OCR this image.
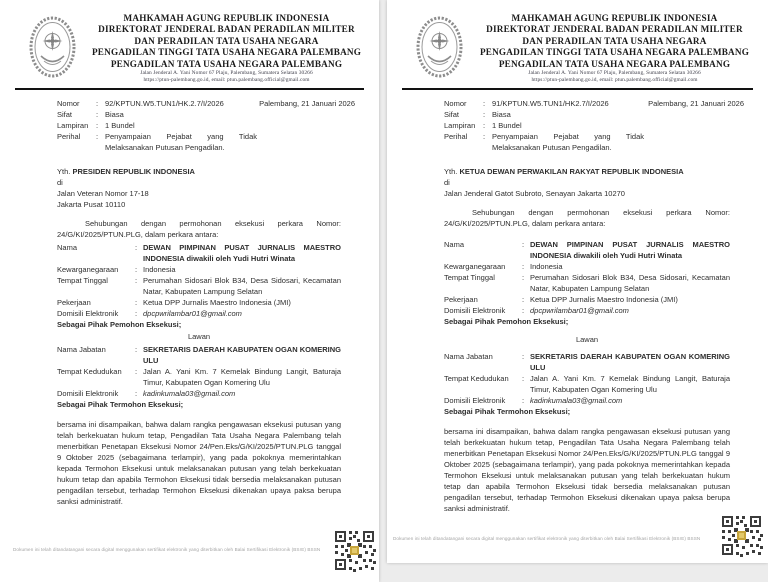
MAHKAMAH AGUNG REPUBLIK INDONESIA
DIREKTORAT JENDERAL BADAN PERADILAN MILITER
DAN PERADILAN TATA USAHA NEGARA
PENGADILAN TINGGI TATA USAHA NEGARA PALEMBANG
PENGADILAN TATA USAHA NEGARA PALEMBANG
Jalan Jenderal A. Yani Nomor 67 Plaju, Palembang, Sumatera Selatan 30266
https://ptun-palembang.go.id, email: ptun.palembang.official@gmail.com
Palembang, 21 Januari 2026
Nomor	: 92/KPTUN.W5.TUN1/HK.2.7/I/2026
Sifat	: Biasa
Lampiran	: 1 Bundel
Perihal	: Penyampaian Pejabat yang Tidak Melaksanakan Putusan Pengadilan.
Yth. PRESIDEN REPUBLIK INDONESIA
di
Jalan Veteran Nomor 17-18
Jakarta Pusat 10110

Sehubungan dengan permohonan eksekusi perkara Nomor: 24/G/KI/2025/PTUN.PLG, dalam perkara antara:

Nama	: DEWAN PIMPINAN PUSAT JURNALIS MAESTRO INDONESIA diwakili oleh Yudi Hutri Winata
Kewarganegaraan	: Indonesia
Tempat Tinggal	: Perumahan Sidosari Blok B34, Desa Sidosari, Kecamatan Natar, Kabupaten Lampung Selatan
Pekerjaan	: Ketua DPP Jurnalis Maestro Indonesia (JMI)
Domisili Elektronik	: dpcpwrilambar01@gmail.com
Sebagai Pihak Pemohon Eksekusi;
Lawan
Nama Jabatan	: SEKRETARIS DAERAH KABUPATEN OGAN KOMERING ULU
Tempat Kedudukan	: Jalan A. Yani Km. 7 Kemelak Bindung Langit, Baturaja Timur, Kabupaten Ogan Komering Ulu
Domisili Elektronik	: kadinkumala03@gmail.com
Sebagai Pihak Termohon Eksekusi;

bersama ini disampaikan, bahwa dalam rangka pengawasan eksekusi putusan yang telah berkekuatan hukum tetap, Pengadilan Tata Usaha Negara Palembang telah menerbitkan Penetapan Eksekusi Nomor 24/Pen.Eks/G/KI/2025/PTUN.PLG tanggal 9 Oktober 2025 (sebagaimana terlampir), yang pada pokoknya memerintahkan kepada Termohon Eksekusi untuk melaksanakan putusan yang telah berkekuatan hukum tetap dan apabila Termohon Eksekusi tidak bersedia melaksanakan putusan pengadilan tersebut, terhadap Termohon Eksekusi dikenakan upaya paksa berupa sanksi administratif.

Dokumen ini telah ditandatangani secara digital menggunakan sertifikat elektronik yang diterbitkan oleh Balai Sertifikasi Elektronik (BSrE) BSSN
MAHKAMAH AGUNG REPUBLIK INDONESIA
DIREKTORAT JENDERAL BADAN PERADILAN MILITER
DAN PERADILAN TATA USAHA NEGARA
PENGADILAN TINGGI TATA USAHA NEGARA PALEMBANG
PENGADILAN TATA USAHA NEGARA PALEMBANG
Jalan Jenderal A. Yani Nomor 67 Plaju, Palembang, Sumatera Selatan 30266
https://ptun-palembang.go.id, email: ptun.palembang.official@gmail.com
Palembang, 21 Januari 2026
Nomor	: 91/KPTUN.W5.TUN1/HK2.7/I/2026
Sifat	: Biasa
Lampiran	: 1 Bundel
Perihal	: Penyampaian Pejabat yang Tidak Melaksanakan Putusan Pengadilan.
Yth. KETUA DEWAN PERWAKILAN RAKYAT REPUBLIK INDONESIA
di
Jalan Jenderal Gatot Subroto, Senayan Jakarta 10270

Sehubungan dengan permohonan eksekusi perkara Nomor: 24/G/KI/2025/PTUN.PLG, dalam perkara antara:

Nama	: DEWAN PIMPINAN PUSAT JURNALIS MAESTRO INDONESIA diwakili oleh Yudi Hutri Winata
Kewarganegaraan	: Indonesia
Tempat Tinggal	: Perumahan Sidosari Blok B34, Desa Sidosari, Kecamatan Natar, Kabupaten Lampung Selatan
Pekerjaan	: Ketua DPP Jurnalis Maestro Indonesia (JMI)
Domisili Elektronik	: dpcpwrilambar01@gmail.com
Sebagai Pihak Pemohon Eksekusi;
Lawan
Nama Jabatan	: SEKRETARIS DAERAH KABUPATEN OGAN KOMERING ULU
Tempat Kedudukan	: Jalan A. Yani Km. 7 Kemelak Bindung Langit, Baturaja Timur, Kabupaten Ogan Komering Ulu
Domisili Elektronik	: kadinkumala03@gmail.com
Sebagai Pihak Termohon Eksekusi;

bersama ini disampaikan, bahwa dalam rangka pengawasan eksekusi putusan yang telah berkekuatan hukum tetap, Pengadilan Tata Usaha Negara Palembang telah menerbitkan Penetapan Eksekusi Nomor 24/Pen.Eks/G/KI/2025/PTUN.PLG tanggal 9 Oktober 2025 (sebagaimana terlampir), yang pada pokoknya memerintahkan kepada Termohon Eksekusi untuk melaksanakan putusan yang telah berkekuatan hukum tetap dan apabila Termohon Eksekusi tidak bersedia melaksanakan putusan pengadilan tersebut, terhadap Termohon Eksekusi dikenakan upaya paksa berupa sanksi administratif.

Dokumen ini telah ditandatangani secara digital menggunakan sertifikat elektronik yang diterbitkan oleh Balai Sertifikasi Elektronik (BSrE) BSSN
